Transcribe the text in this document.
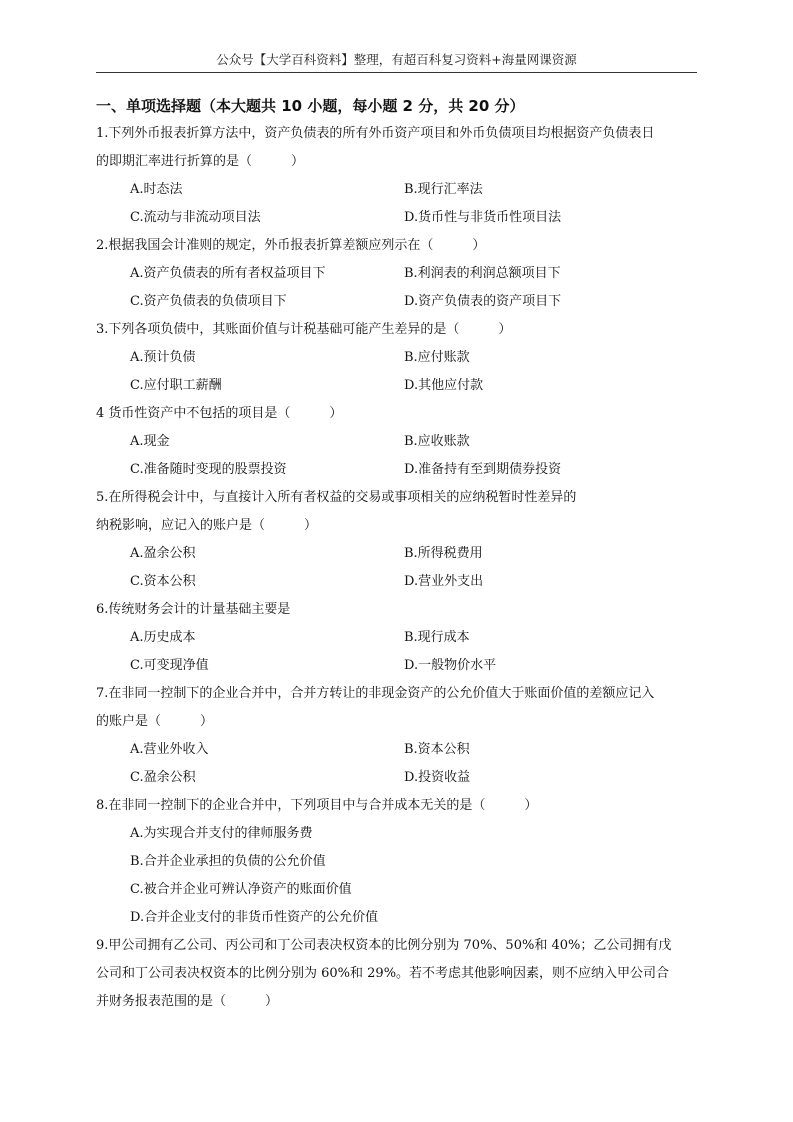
公众号【大学百科资料】整理，有超百科复习资料+海量网课资源
一、单项选择题（本大题共 10 小题，每小题 2 分，共 20 分）
1.下列外币报表折算方法中，资产负债表的所有外币资产项目和外币负债项目均根据资产负债表日
的即期汇率进行折算的是（　　　）
A.时态法	B.现行汇率法
C.流动与非流动项目法	D.货币性与非货币性项目法
2.根据我国会计准则的规定，外币报表折算差额应列示在（　　　）
A.资产负债表的所有者权益项目下	B.利润表的利润总额项目下
C.资产负债表的负债项目下	D.资产负债表的资产项目下
3.下列各项负债中，其账面价值与计税基础可能产生差异的是（　　　）
A.预计负债	B.应付账款
C.应付职工薪酬	D.其他应付款
4 货币性资产中不包括的项目是（　　　）
A.现金	B.应收账款
C.准备随时变现的股票投资	D.准备持有至到期债券投资
5.在所得税会计中，与直接计入所有者权益的交易或事项相关的应纳税暂时性差异的
纳税影响，应记入的账户是（　　　）
A.盈余公积	B.所得税费用
C.资本公积	D.营业外支出
6.传统财务会计的计量基础主要是
A.历史成本	B.现行成本
C.可变现净值	D.一般物价水平
7.在非同一控制下的企业合并中，合并方转让的非现金资产的公允价值大于账面价值的差额应记入
的账户是（　　　）
A.营业外收入	B.资本公积
C.盈余公积	D.投资收益
8.在非同一控制下的企业合并中，下列项目中与合并成本无关的是（　　　）
A.为实现合并支付的律师服务费
B.合并企业承担的负债的公允价值
C.被合并企业可辨认净资产的账面价值
D.合并企业支付的非货币性资产的公允价值
9.甲公司拥有乙公司、丙公司和丁公司表决权资本的比例分别为 70%、50%和 40%；乙公司拥有戊
公司和丁公司表决权资本的比例分别为 60%和 29%。若不考虑其他影响因素，则不应纳入甲公司合
并财务报表范围的是（　　　）
